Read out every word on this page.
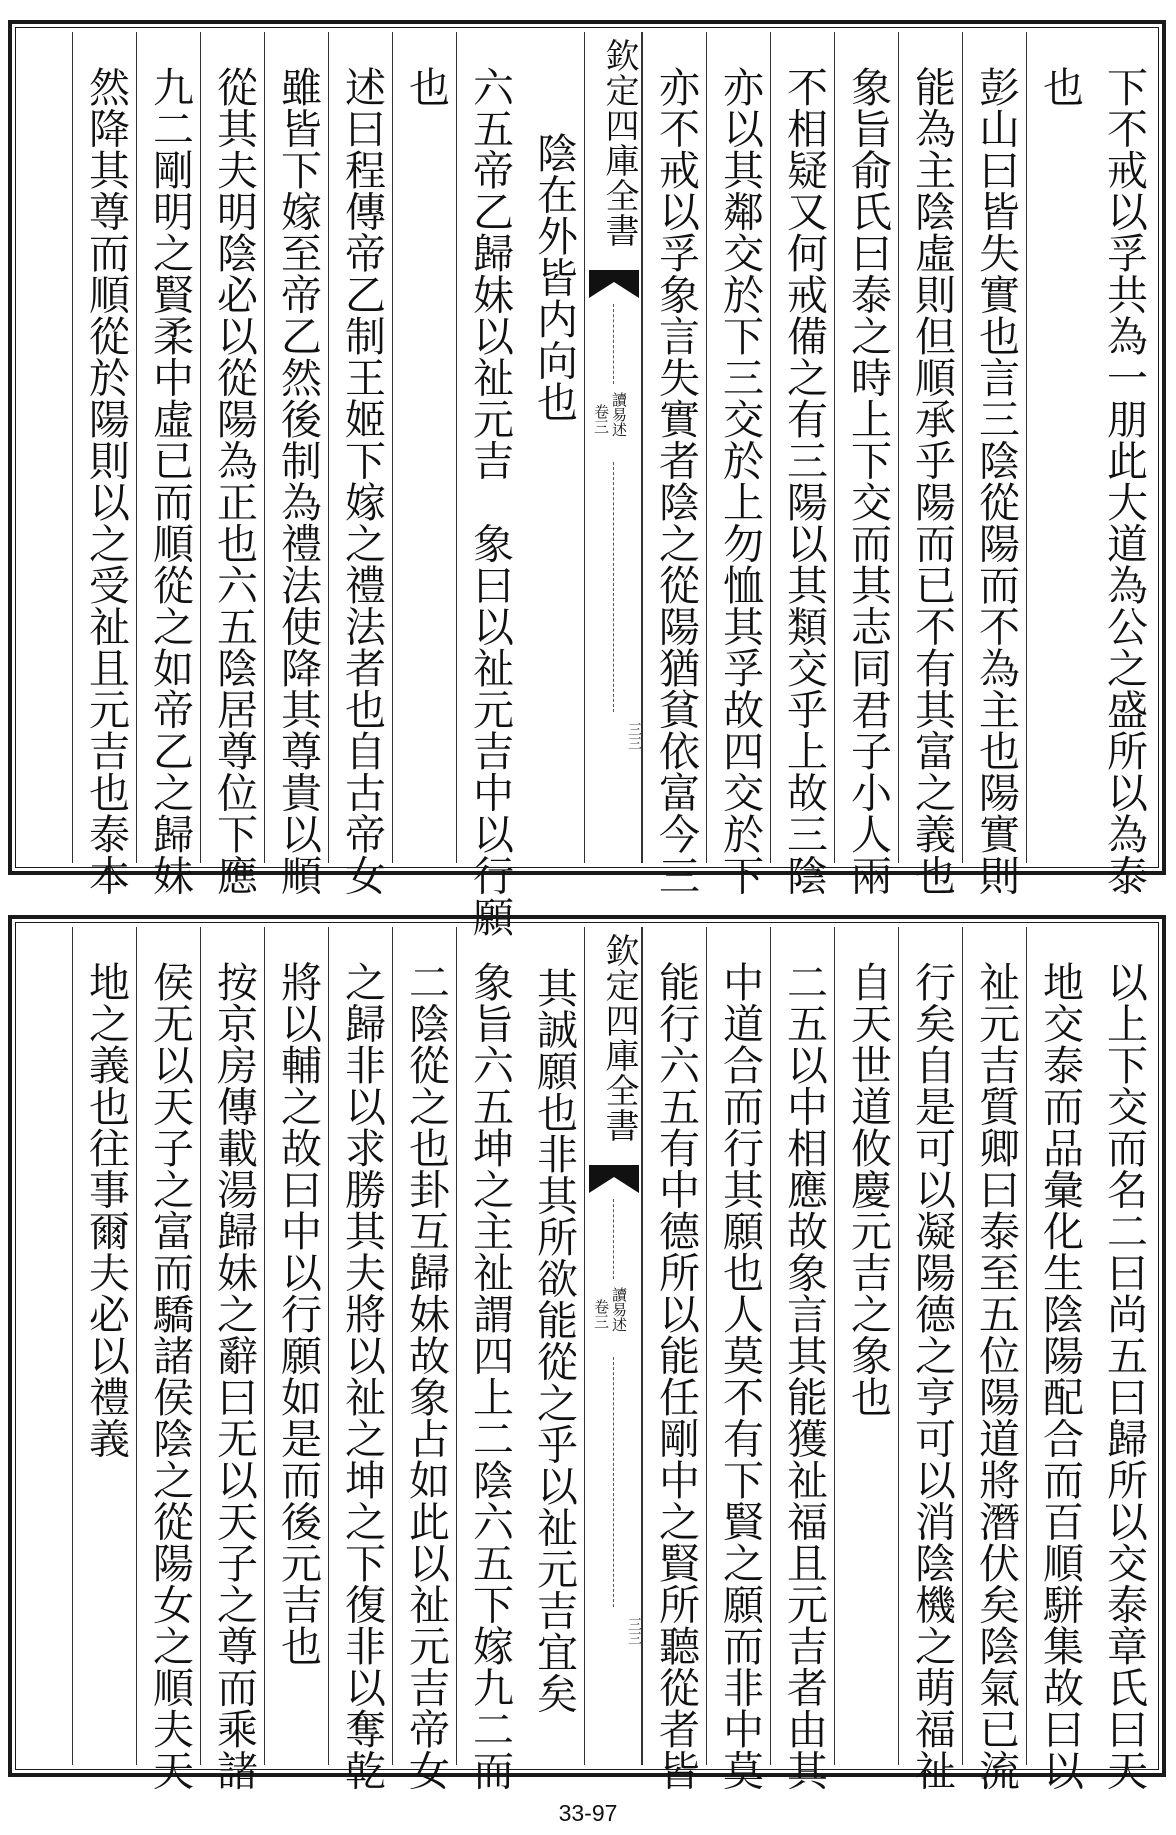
下不戒以孚共為一朋此大道為公之盛所以為泰
也
彭山曰皆失實也言三陰從陽而不為主也陽實則
能為主陰虛則但順承乎陽而已不有其富之義也
象旨俞氏曰泰之時上下交而其志同君子小人兩
不相疑又何戒備之有三陽以其類交乎上故三陰
亦以其鄰交於下三交於上勿恤其孚故四交於下
亦不戒以孚象言失實者陰之從陽猶貧依富今三
欽定四庫全書
讀易述
卷三
三三
陰在外皆内向也
六五帝乙歸妹以祉元吉　象曰以祉元吉中以行願
也
述曰程傳帝乙制王姬下嫁之禮法者也自古帝女
雖皆下嫁至帝乙然後制為禮法使降其尊貴以順
從其夫明陰必以從陽為正也六五陰居尊位下應
九二剛明之賢柔中虛已而順從之如帝乙之歸妹
然降其尊而順從於陽則以之受祉且元吉也泰本
以上下交而名二曰尚五曰歸所以交泰章氏曰天
地交泰而品彙化生陰陽配合而百順駢集故曰以
祉元吉質卿曰泰至五位陽道將潛伏矣陰氣已流
行矣自是可以凝陽德之亨可以消陰機之萌福祉
自天世道攸慶元吉之象也
二五以中相應故象言其能獲祉福且元吉者由其
中道合而行其願也人莫不有下賢之願而非中莫
能行六五有中德所以能任剛中之賢所聽從者皆
欽定四庫全書
讀易述
卷三
三三
其誠願也非其所欲能從之乎以祉元吉宜矣
象旨六五坤之主祉謂四上二陰六五下嫁九二而
二陰從之也卦互歸妹故象占如此以祉元吉帝女
之歸非以求勝其夫將以祉之坤之下復非以奪乾
將以輔之故曰中以行願如是而後元吉也
按京房傳載湯歸妹之辭曰无以天子之尊而乘諸
侯无以天子之富而驕諸侯陰之從陽女之順夫天
地之義也往事爾夫必以禮義
33-97
